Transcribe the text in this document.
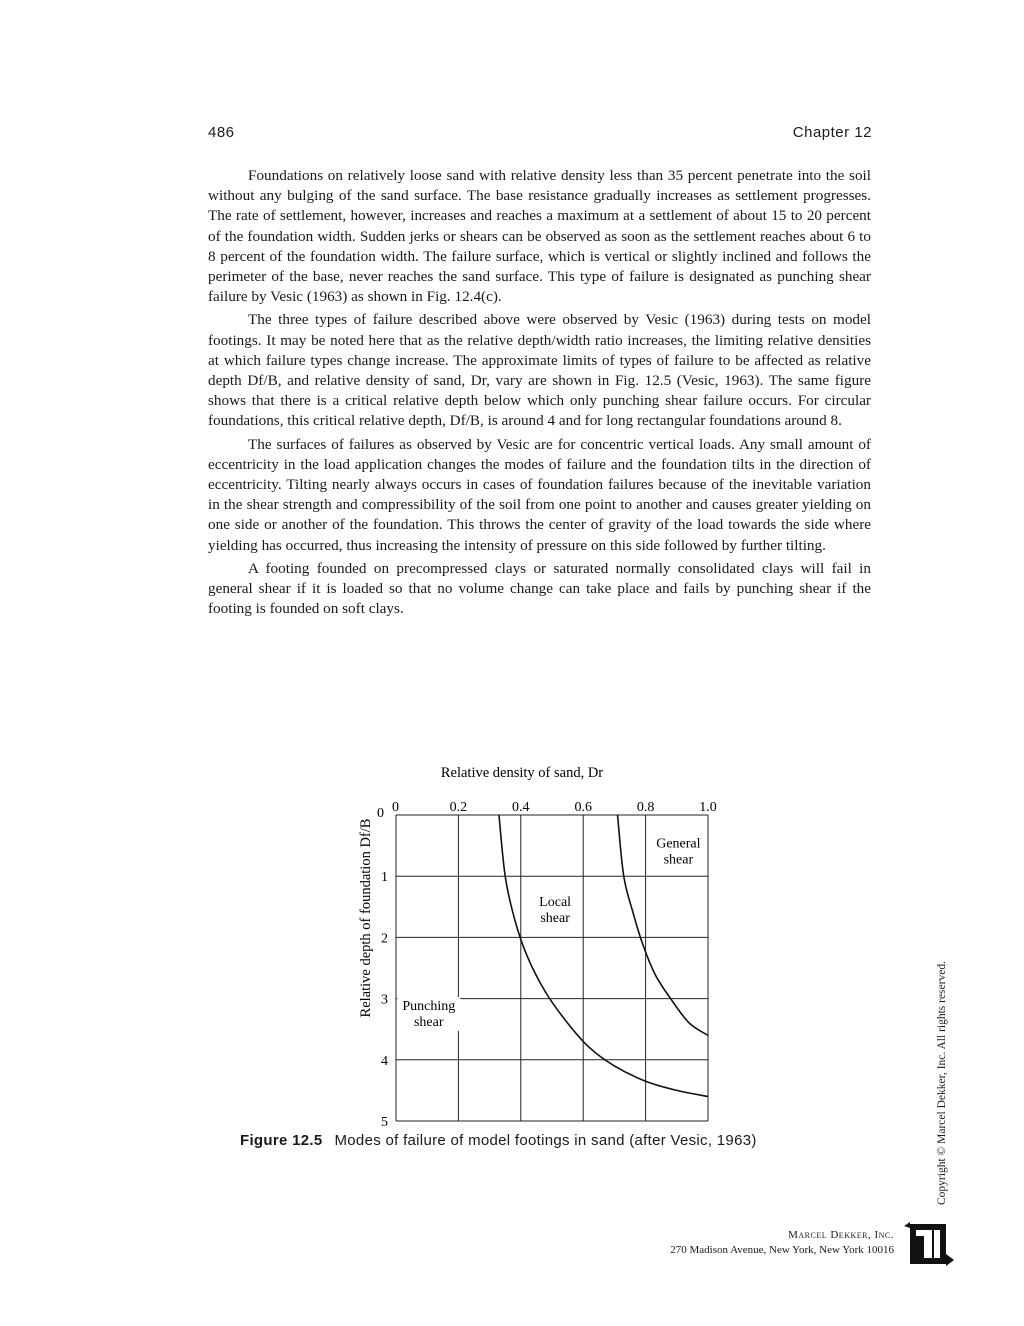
486	Chapter 12

Foundations on relatively loose sand with relative density less than 35 percent penetrate into the soil without any bulging of the sand surface. The base resistance gradually increases as settlement progresses. The rate of settlement, however, increases and reaches a maximum at a settlement of about 15 to 20 percent of the foundation width. Sudden jerks or shears can be observed as soon as the settlement reaches about 6 to 8 percent of the foundation width. The failure surface, which is vertical or slightly inclined and follows the perimeter of the base, never reaches the sand surface. This type of failure is designated as punching shear failure by Vesic (1963) as shown in Fig. 12.4(c).

The three types of failure described above were observed by Vesic (1963) during tests on model footings. It may be noted here that as the relative depth/width ratio increases, the limiting relative densities at which failure types change increase. The approximate limits of types of failure to be affected as relative depth Df/B, and relative density of sand, Dr, vary are shown in Fig. 12.5 (Vesic, 1963). The same figure shows that there is a critical relative depth below which only punching shear failure occurs. For circular foundations, this critical relative depth, Df/B, is around 4 and for long rectangular foundations around 8.

The surfaces of failures as observed by Vesic are for concentric vertical loads. Any small amount of eccentricity in the load application changes the modes of failure and the foundation tilts in the direction of eccentricity. Tilting nearly always occurs in cases of foundation failures because of the inevitable variation in the shear strength and compressibility of the soil from one point to another and causes greater yielding on one side or another of the foundation. This throws the center of gravity of the load towards the side where yielding has occurred, thus increasing the intensity of pressure on this side followed by further tilting.

A footing founded on precompressed clays or saturated normally consolidated clays will fail in general shear if it is loaded so that no volume change can take place and fails by punching shear if the footing is founded on soft clays.

0.2	0.4	0.6	0.8	1.0
0
0
1
2
3
4
5
Relative density of sand, Dr
Relative depth of foundation Df/B	General shear
Local shear
Punching shear
Figure 12.5 Modes of failure of model footings in sand (after Vesic, 1963)	Copyright © Marcel Dekker, Inc. All rights reserved.
Marcel Dekker, Inc.
270 Madison Avenue, New York, New York 10016
